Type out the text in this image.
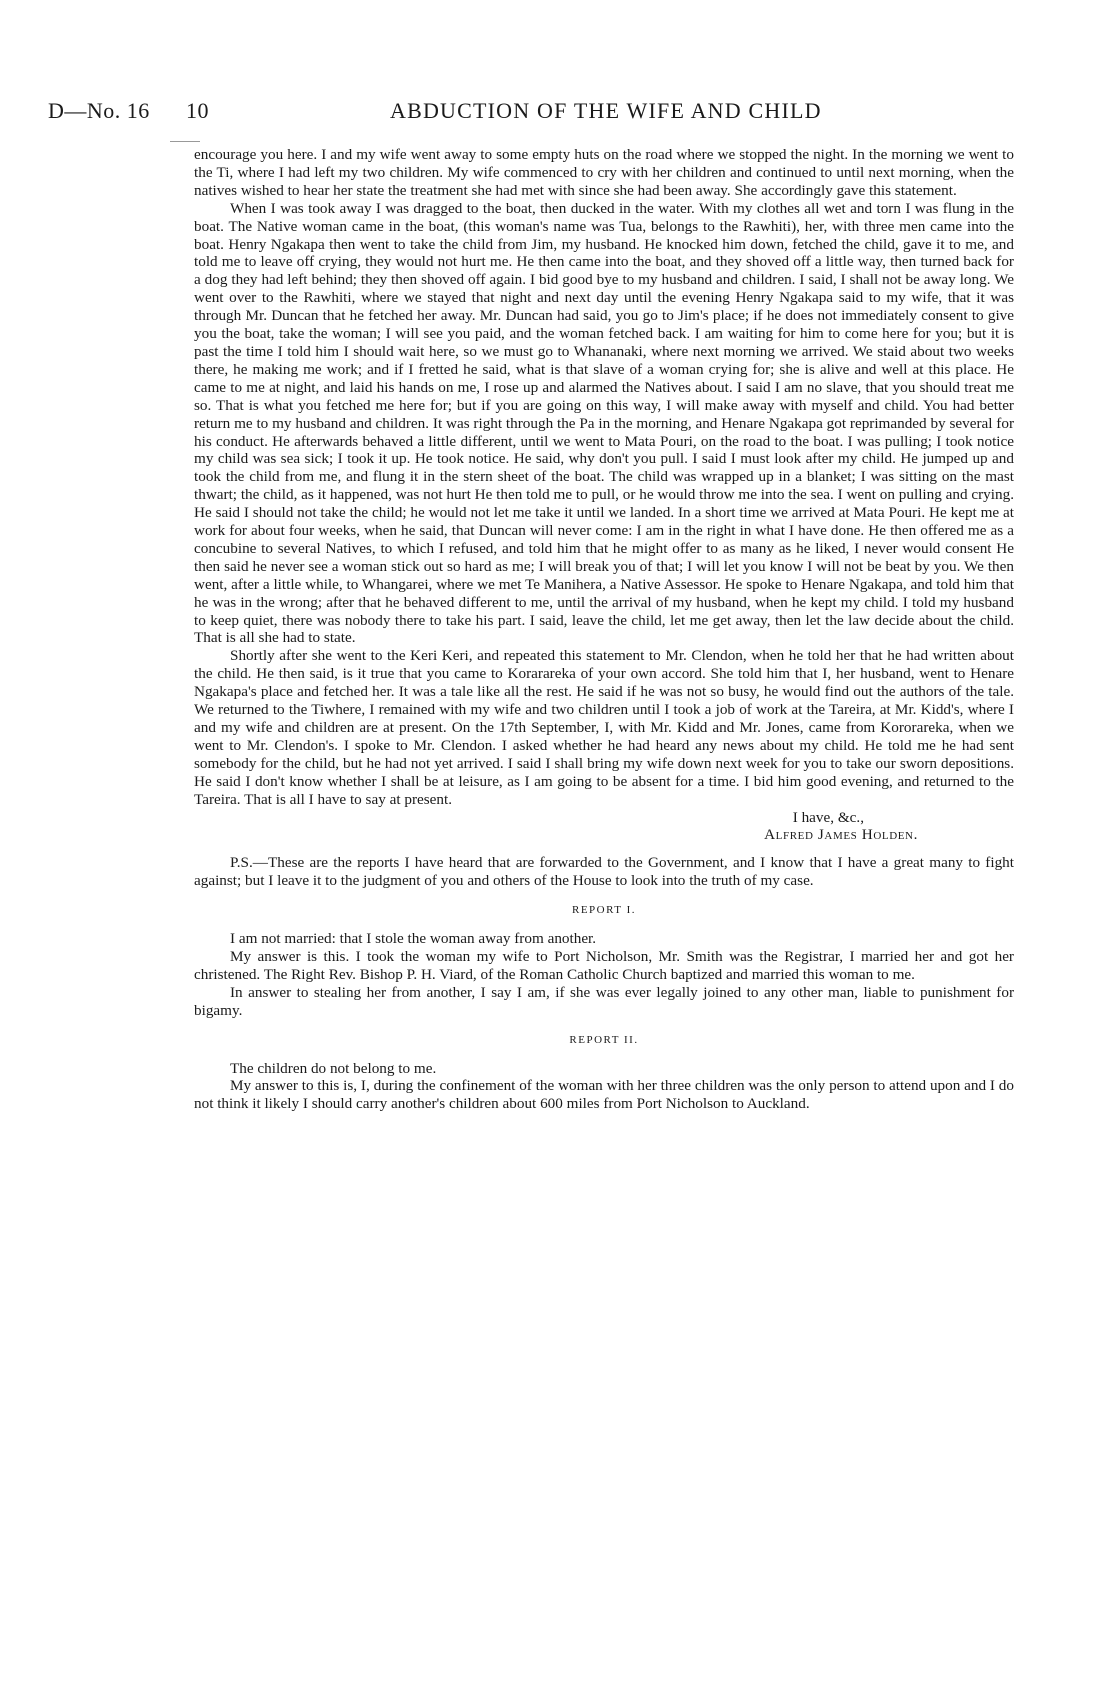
D—No. 16 10	ABDUCTION OF THE WIFE AND CHILD

encourage you here. I and my wife went away to some empty huts on the road where we stopped the night. In the morning we went to the Ti, where I had left my two children. My wife commenced to cry with her children and continued to until next morning, when the natives wished to hear her state the treatment she had met with since she had been away. She accordingly gave this statement.

When I was took away I was dragged to the boat, then ducked in the water. With my clothes all wet and torn I was flung in the boat. The Native woman came in the boat, (this woman's name was Tua, belongs to the Rawhiti), her, with three men came into the boat. Henry Ngakapa then went to take the child from Jim, my husband. He knocked him down, fetched the child, gave it to me, and told me to leave off crying, they would not hurt me. He then came into the boat, and they shoved off a little way, then turned back for a dog they had left behind; they then shoved off again. I bid good bye to my husband and children. I said, I shall not be away long. We went over to the Rawhiti, where we stayed that night and next day until the evening Henry Ngakapa said to my wife, that it was through Mr. Duncan that he fetched her away. Mr. Duncan had said, you go to Jim's place; if he does not immediately consent to give you the boat, take the woman; I will see you paid, and the woman fetched back. I am waiting for him to come here for you; but it is past the time I told him I should wait here, so we must go to Whananaki, where next morning we arrived. We staid about two weeks there, he making me work; and if I fretted he said, what is that slave of a woman crying for; she is alive and well at this place. He came to me at night, and laid his hands on me, I rose up and alarmed the Natives about. I said I am no slave, that you should treat me so. That is what you fetched me here for; but if you are going on this way, I will make away with myself and child. You had better return me to my husband and children. It was right through the Pa in the morning, and Henare Ngakapa got reprimanded by several for his conduct. He afterwards behaved a little different, until we went to Mata Pouri, on the road to the boat. I was pulling; I took notice my child was sea sick; I took it up. He took notice. He said, why don't you pull. I said I must look after my child. He jumped up and took the child from me, and flung it in the stern sheet of the boat. The child was wrapped up in a blanket; I was sitting on the mast thwart; the child, as it happened, was not hurt He then told me to pull, or he would throw me into the sea. I went on pulling and crying. He said I should not take the child; he would not let me take it until we landed. In a short time we arrived at Mata Pouri. He kept me at work for about four weeks, when he said, that Duncan will never come: I am in the right in what I have done. He then offered me as a concubine to several Natives, to which I refused, and told him that he might offer to as many as he liked, I never would consent He then said he never see a woman stick out so hard as me; I will break you of that; I will let you know I will not be beat by you. We then went, after a little while, to Whangarei, where we met Te Manihera, a Native Assessor. He spoke to Henare Ngakapa, and told him that he was in the wrong; after that he behaved different to me, until the arrival of my husband, when he kept my child. I told my husband to keep quiet, there was nobody there to take his part. I said, leave the child, let me get away, then let the law decide about the child. That is all she had to state.

Shortly after she went to the Keri Keri, and repeated this statement to Mr. Clendon, when he told her that he had written about the child. He then said, is it true that you came to Korarareka of your own accord. She told him that I, her husband, went to Henare Ngakapa's place and fetched her. It was a tale like all the rest. He said if he was not so busy, he would find out the authors of the tale. We returned to the Tiwhere, I remained with my wife and two children until I took a job of work at the Tareira, at Mr. Kidd's, where I and my wife and children are at present. On the 17th September, I, with Mr. Kidd and Mr. Jones, came from Kororareka, when we went to Mr. Clendon's. I spoke to Mr. Clendon. I asked whether he had heard any news about my child. He told me he had sent somebody for the child, but he had not yet arrived. I said I shall bring my wife down next week for you to take our sworn depositions. He said I don't know whether I shall be at leisure, as I am going to be absent for a time. I bid him good evening, and returned to the Tareira. That is all I have to say at present.

I have, &c.,

Alfred James Holden.

P.S.—These are the reports I have heard that are forwarded to the Government, and I know that I have a great many to fight against; but I leave it to the judgment of you and others of the House to look into the truth of my case.

REPORT I.

I am not married: that I stole the woman away from another.

My answer is this. I took the woman my wife to Port Nicholson, Mr. Smith was the Registrar, I married her and got her christened. The Right Rev. Bishop P. H. Viard, of the Roman Catholic Church baptized and married this woman to me.

In answer to stealing her from another, I say I am, if she was ever legally joined to any other man, liable to punishment for bigamy.

REPORT II.

The children do not belong to me.

My answer to this is, I, during the confinement of the woman with her three children was the only person to attend upon and I do not think it likely I should carry another's children about 600 miles from Port Nicholson to Auckland.
